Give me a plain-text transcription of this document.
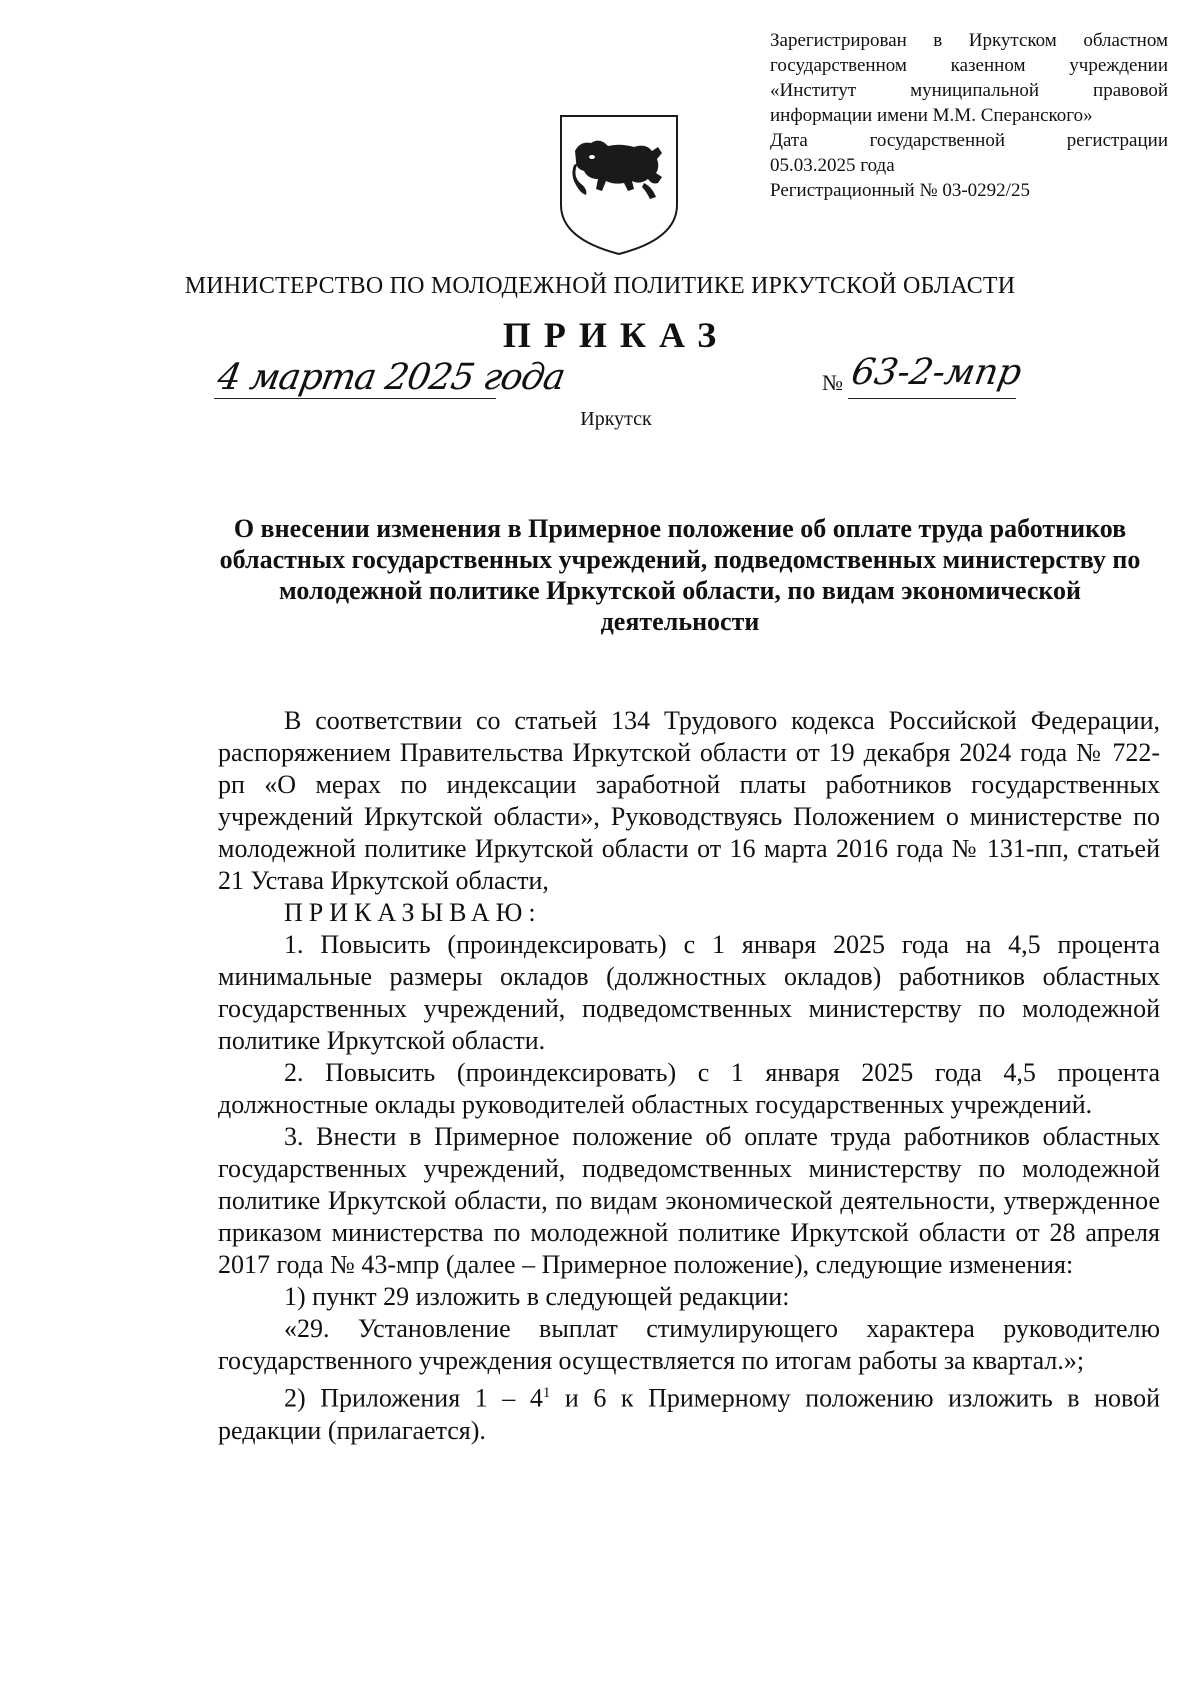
Зарегистрирован в Иркутском областном
государственном казенном учреждении
«Институт муниципальной правовой
информации имени М.М. Сперанского»
Дата государственной регистрации
05.03.2025 года
Регистрационный № 03-0292/25
МИНИСТЕРСТВО ПО МОЛОДЕЖНОЙ ПОЛИТИКЕ ИРКУТСКОЙ ОБЛАСТИ
ПРИКАЗ
4 марта 2025 года	№ 63-2-мпр
Иркутск
О внесении изменения в Примерное положение об оплате труда работников областных государственных учреждений, подведомственных министерству по молодежной политике Иркутской области, по видам экономической деятельности

В соответствии со статьей 134 Трудового кодекса Российской Федерации, распоряжением Правительства Иркутской области от 19 декабря 2024 года № 722-рп «О мерах по индексации заработной платы работников государственных учреждений Иркутской области», Руководствуясь Положением о министерстве по молодежной политике Иркутской области от 16 марта 2016 года № 131-пп, статьей 21 Устава Иркутской области,

ПРИКАЗЫВАЮ:

1. Повысить (проиндексировать) с 1 января 2025 года на 4,5 процента минимальные размеры окладов (должностных окладов) работников областных государственных учреждений, подведомственных министерству по молодежной политике Иркутской области.

2. Повысить (проиндексировать) с 1 января 2025 года 4,5 процента должностные оклады руководителей областных государственных учреждений.

3. Внести в Примерное положение об оплате труда работников областных государственных учреждений, подведомственных министерству по молодежной политике Иркутской области, по видам экономической деятельности, утвержденное приказом министерства по молодежной политике Иркутской области от 28 апреля 2017 года № 43-мпр (далее – Примерное положение), следующие изменения:

1) пункт 29 изложить в следующей редакции:

«29. Установление выплат стимулирующего характера руководителю государственного учреждения осуществляется по итогам работы за квартал.»;

2) Приложения $1 - 4^1$ и 6 к Примерному положению изложить в новой редакции (прилагается).
